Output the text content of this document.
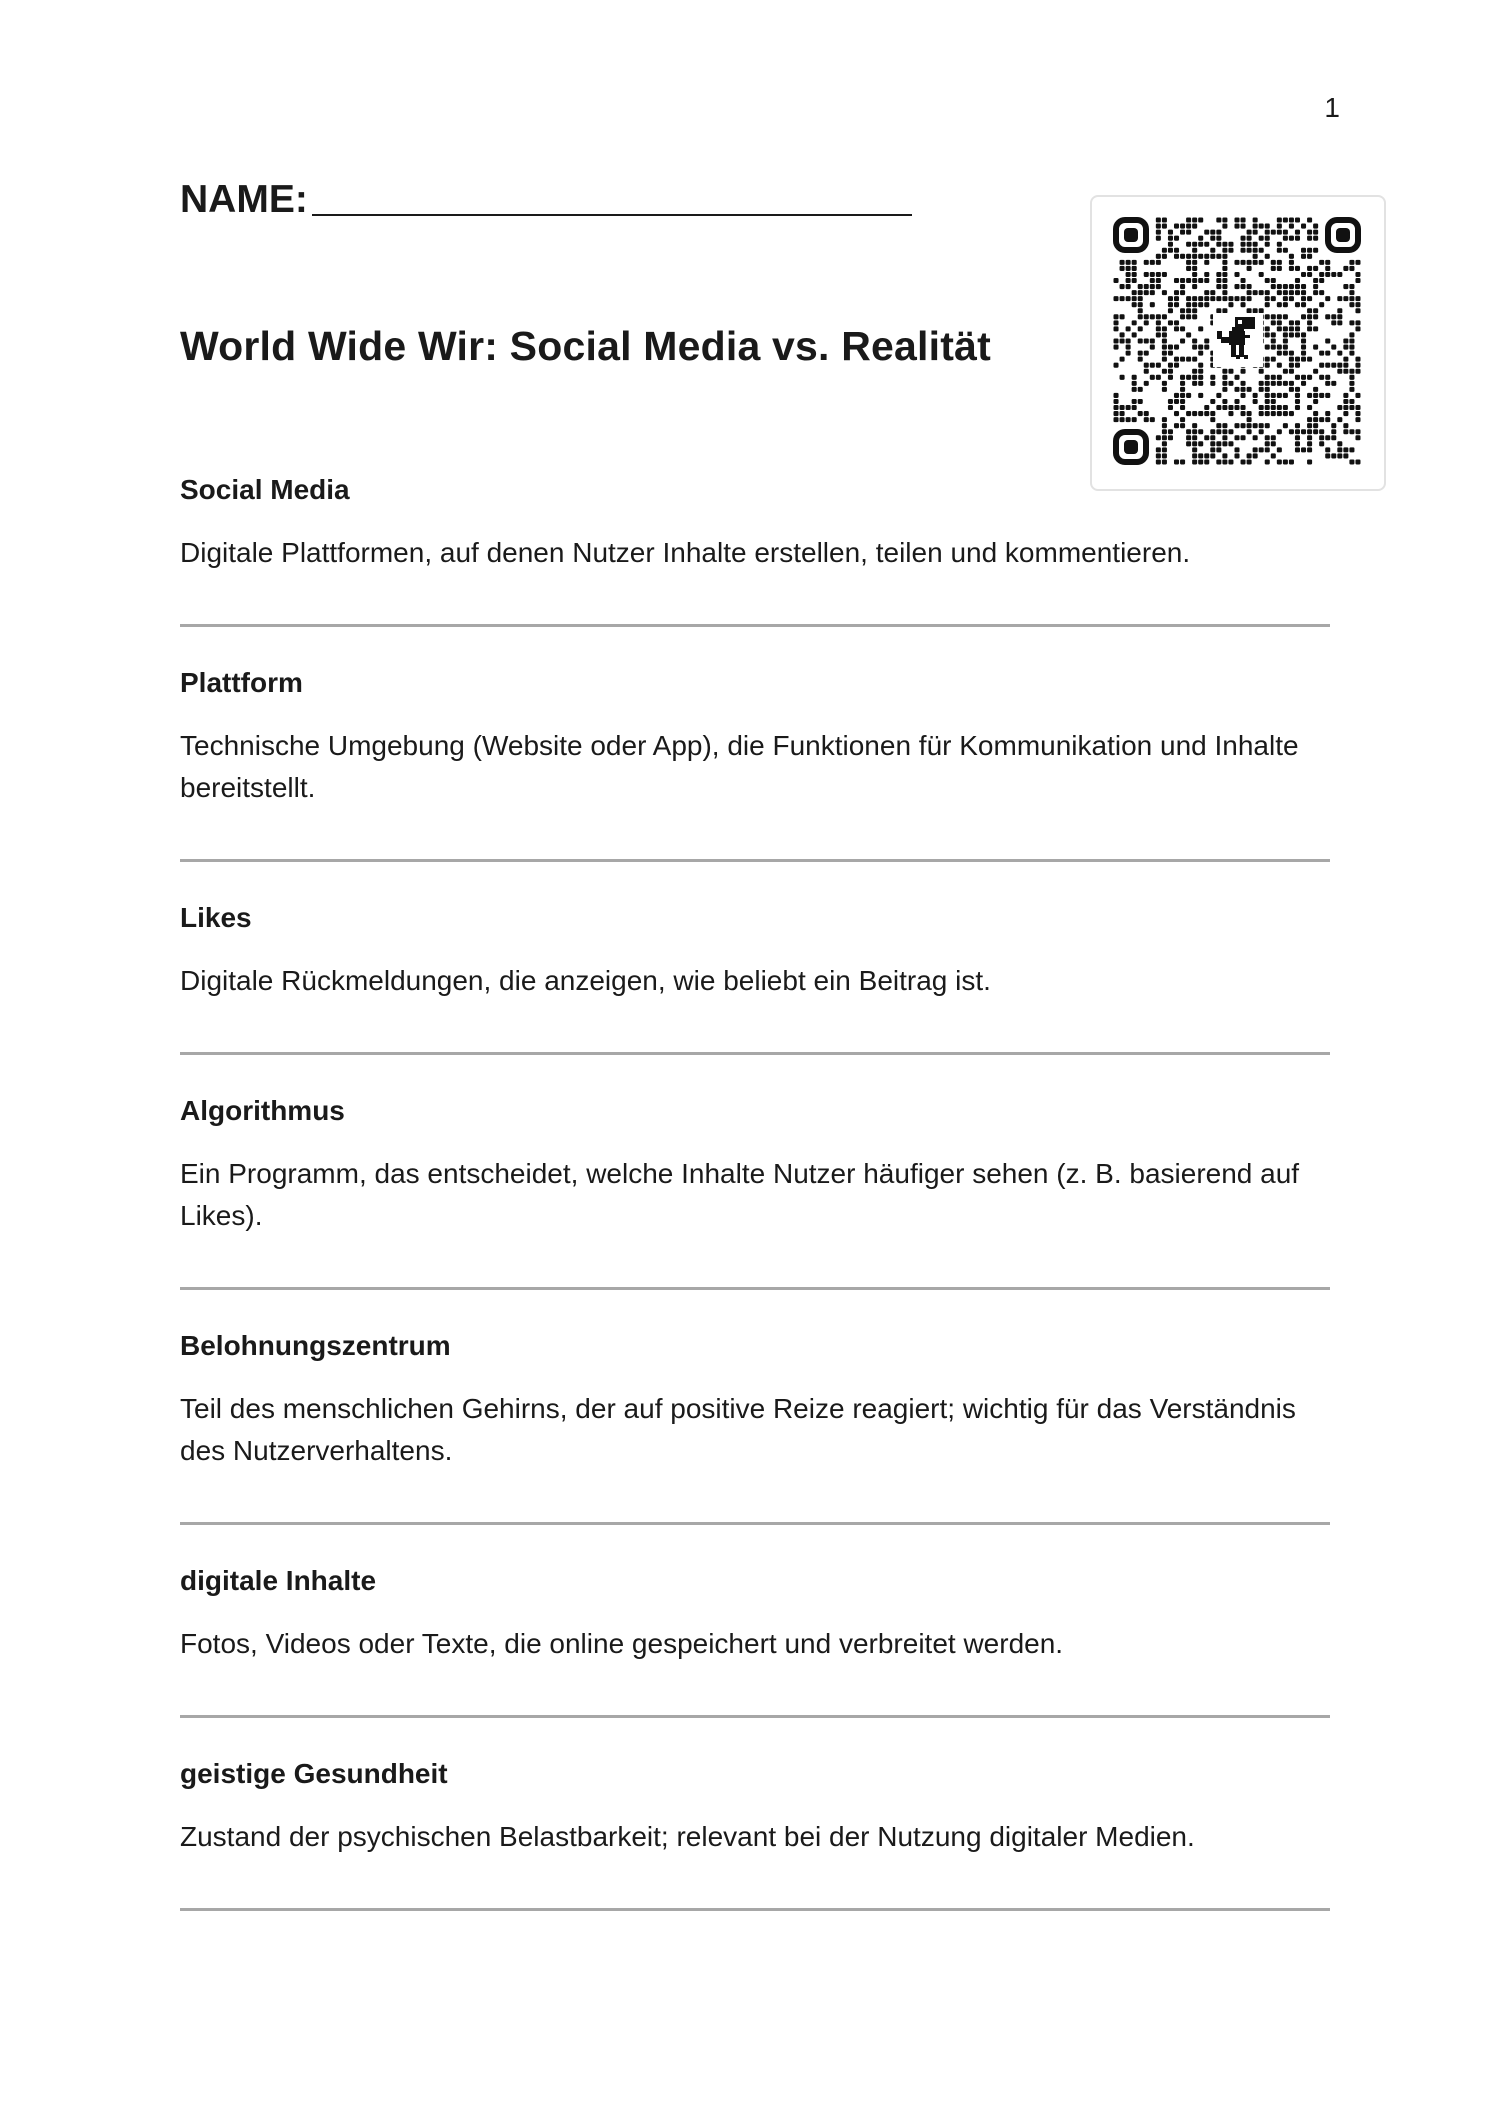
1
NAME:
World Wide Wir: Social Media vs. Realität

Social Media

Digitale Plattformen, auf denen Nutzer Inhalte erstellen, teilen und kommentieren.

Plattform

Technische Umgebung (Website oder App), die Funktionen für Kommunikation und Inhalte bereitstellt.

Likes

Digitale Rückmeldungen, die anzeigen, wie beliebt ein Beitrag ist.

Algorithmus

Ein Programm, das entscheidet, welche Inhalte Nutzer häufiger sehen (z. B. basierend auf Likes).

Belohnungszentrum

Teil des menschlichen Gehirns, der auf positive Reize reagiert; wichtig für das Verständnis des Nutzerverhaltens.

digitale Inhalte

Fotos, Videos oder Texte, die online gespeichert und verbreitet werden.

geistige Gesundheit

Zustand der psychischen Belastbarkeit; relevant bei der Nutzung digitaler Medien.
